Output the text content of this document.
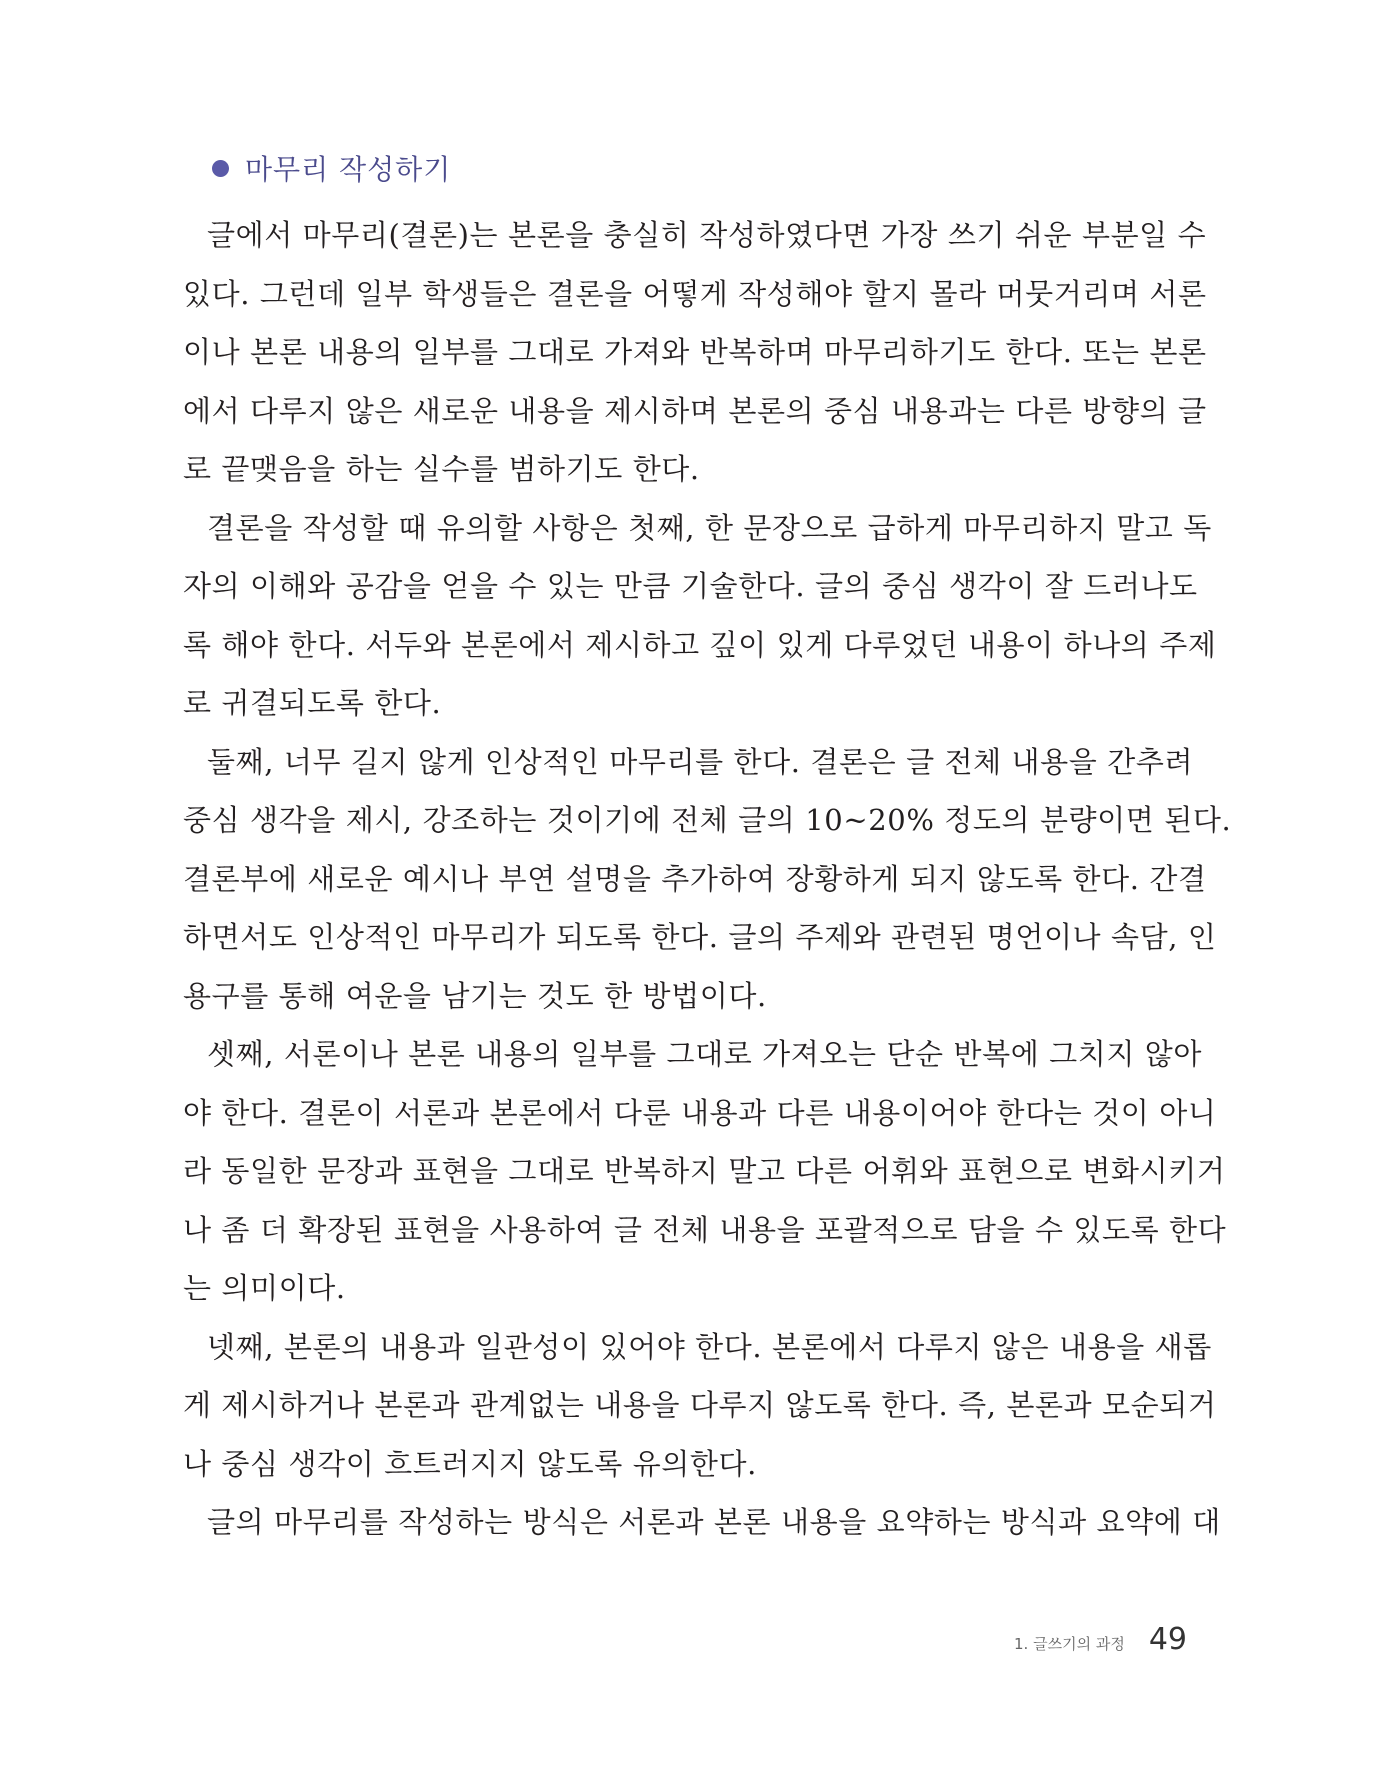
마무리 작성하기
글에서 마무리(결론)는 본론을 충실히 작성하였다면 가장 쓰기 쉬운 부분일 수
있다. 그런데 일부 학생들은 결론을 어떻게 작성해야 할지 몰라 머뭇거리며 서론
이나 본론 내용의 일부를 그대로 가져와 반복하며 마무리하기도 한다. 또는 본론
에서 다루지 않은 새로운 내용을 제시하며 본론의 중심 내용과는 다른 방향의 글
로 끝맺음을 하는 실수를 범하기도 한다.
결론을 작성할 때 유의할 사항은 첫째, 한 문장으로 급하게 마무리하지 말고 독
자의 이해와 공감을 얻을 수 있는 만큼 기술한다. 글의 중심 생각이 잘 드러나도
록 해야 한다. 서두와 본론에서 제시하고 깊이 있게 다루었던 내용이 하나의 주제
로 귀결되도록 한다.
둘째, 너무 길지 않게 인상적인 마무리를 한다. 결론은 글 전체 내용을 간추려
중심 생각을 제시, 강조하는 것이기에 전체 글의 10~20% 정도의 분량이면 된다.
결론부에 새로운 예시나 부연 설명을 추가하여 장황하게 되지 않도록 한다. 간결
하면서도 인상적인 마무리가 되도록 한다. 글의 주제와 관련된 명언이나 속담, 인
용구를 통해 여운을 남기는 것도 한 방법이다.
셋째, 서론이나 본론 내용의 일부를 그대로 가져오는 단순 반복에 그치지 않아
야 한다. 결론이 서론과 본론에서 다룬 내용과 다른 내용이어야 한다는 것이 아니
라 동일한 문장과 표현을 그대로 반복하지 말고 다른 어휘와 표현으로 변화시키거
나 좀 더 확장된 표현을 사용하여 글 전체 내용을 포괄적으로 담을 수 있도록 한다
는 의미이다.
넷째, 본론의 내용과 일관성이 있어야 한다. 본론에서 다루지 않은 내용을 새롭
게 제시하거나 본론과 관계없는 내용을 다루지 않도록 한다. 즉, 본론과 모순되거
나 중심 생각이 흐트러지지 않도록 유의한다.
글의 마무리를 작성하는 방식은 서론과 본론 내용을 요약하는 방식과 요약에 대
1. 글쓰기의 과정 49
